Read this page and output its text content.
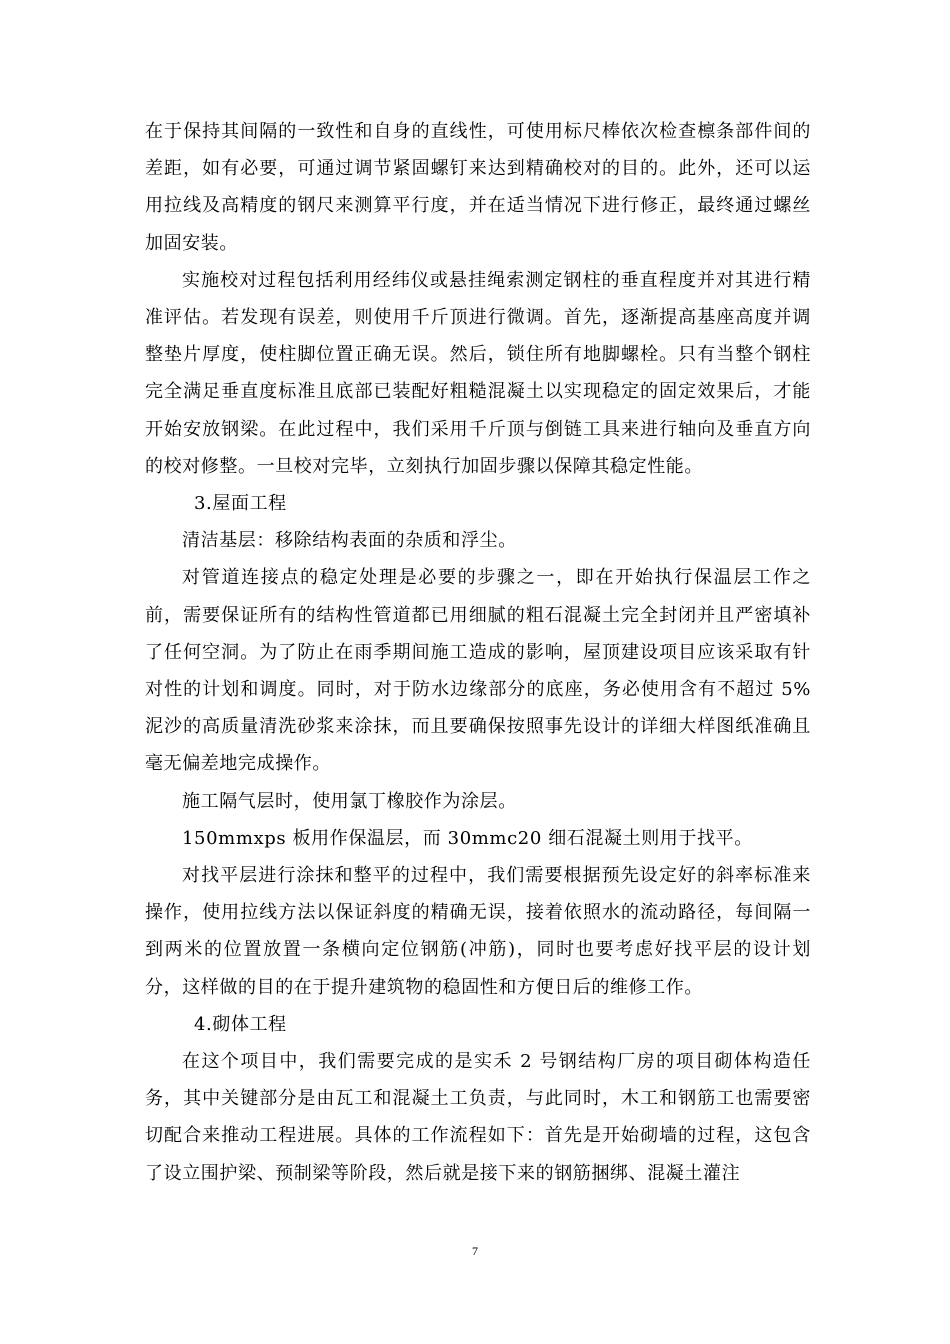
在于保持其间隔的一致性和自身的直线性，可使用标尺棒依次检查檩条部件间的差距，如有必要，可通过调节紧固螺钉来达到精确校对的目的。此外，还可以运用拉线及高精度的钢尺来测算平行度，并在适当情况下进行修正，最终通过螺丝加固安装。

实施校对过程包括利用经纬仪或悬挂绳索测定钢柱的垂直程度并对其进行精准评估。若发现有误差，则使用千斤顶进行微调。首先，逐渐提高基座高度并调整垫片厚度，使柱脚位置正确无误。然后，锁住所有地脚螺栓。只有当整个钢柱完全满足垂直度标准且底部已装配好粗糙混凝土以实现稳定的固定效果后，才能开始安放钢梁。在此过程中，我们采用千斤顶与倒链工具来进行轴向及垂直方向的校对修整。一旦校对完毕，立刻执行加固步骤以保障其稳定性能。

3.屋面工程

清洁基层：移除结构表面的杂质和浮尘。

对管道连接点的稳定处理是必要的步骤之一，即在开始执行保温层工作之前，需要保证所有的结构性管道都已用细腻的粗石混凝土完全封闭并且严密填补了任何空洞。为了防止在雨季期间施工造成的影响，屋顶建设项目应该采取有针对性的计划和调度。同时，对于防水边缘部分的底座，务必使用含有不超过 5%泥沙的高质量清洗砂浆来涂抹，而且要确保按照事先设计的详细大样图纸准确且毫无偏差地完成操作。

施工隔气层时，使用氯丁橡胶作为涂层。

150mmxps 板用作保温层，而 30mmc20 细石混凝土则用于找平。

对找平层进行涂抹和整平的过程中，我们需要根据预先设定好的斜率标准来操作，使用拉线方法以保证斜度的精确无误，接着依照水的流动路径，每间隔一到两米的位置放置一条横向定位钢筋(冲筋)，同时也要考虑好找平层的设计划分，这样做的目的在于提升建筑物的稳固性和方便日后的维修工作。

4.砌体工程

在这个项目中，我们需要完成的是实禾 2 号钢结构厂房的项目砌体构造任务，其中关键部分是由瓦工和混凝土工负责，与此同时，木工和钢筋工也需要密切配合来推动工程进展。具体的工作流程如下：首先是开始砌墙的过程，这包含了设立围护梁、预制梁等阶段，然后就是接下来的钢筋捆绑、混凝土灌注

7
